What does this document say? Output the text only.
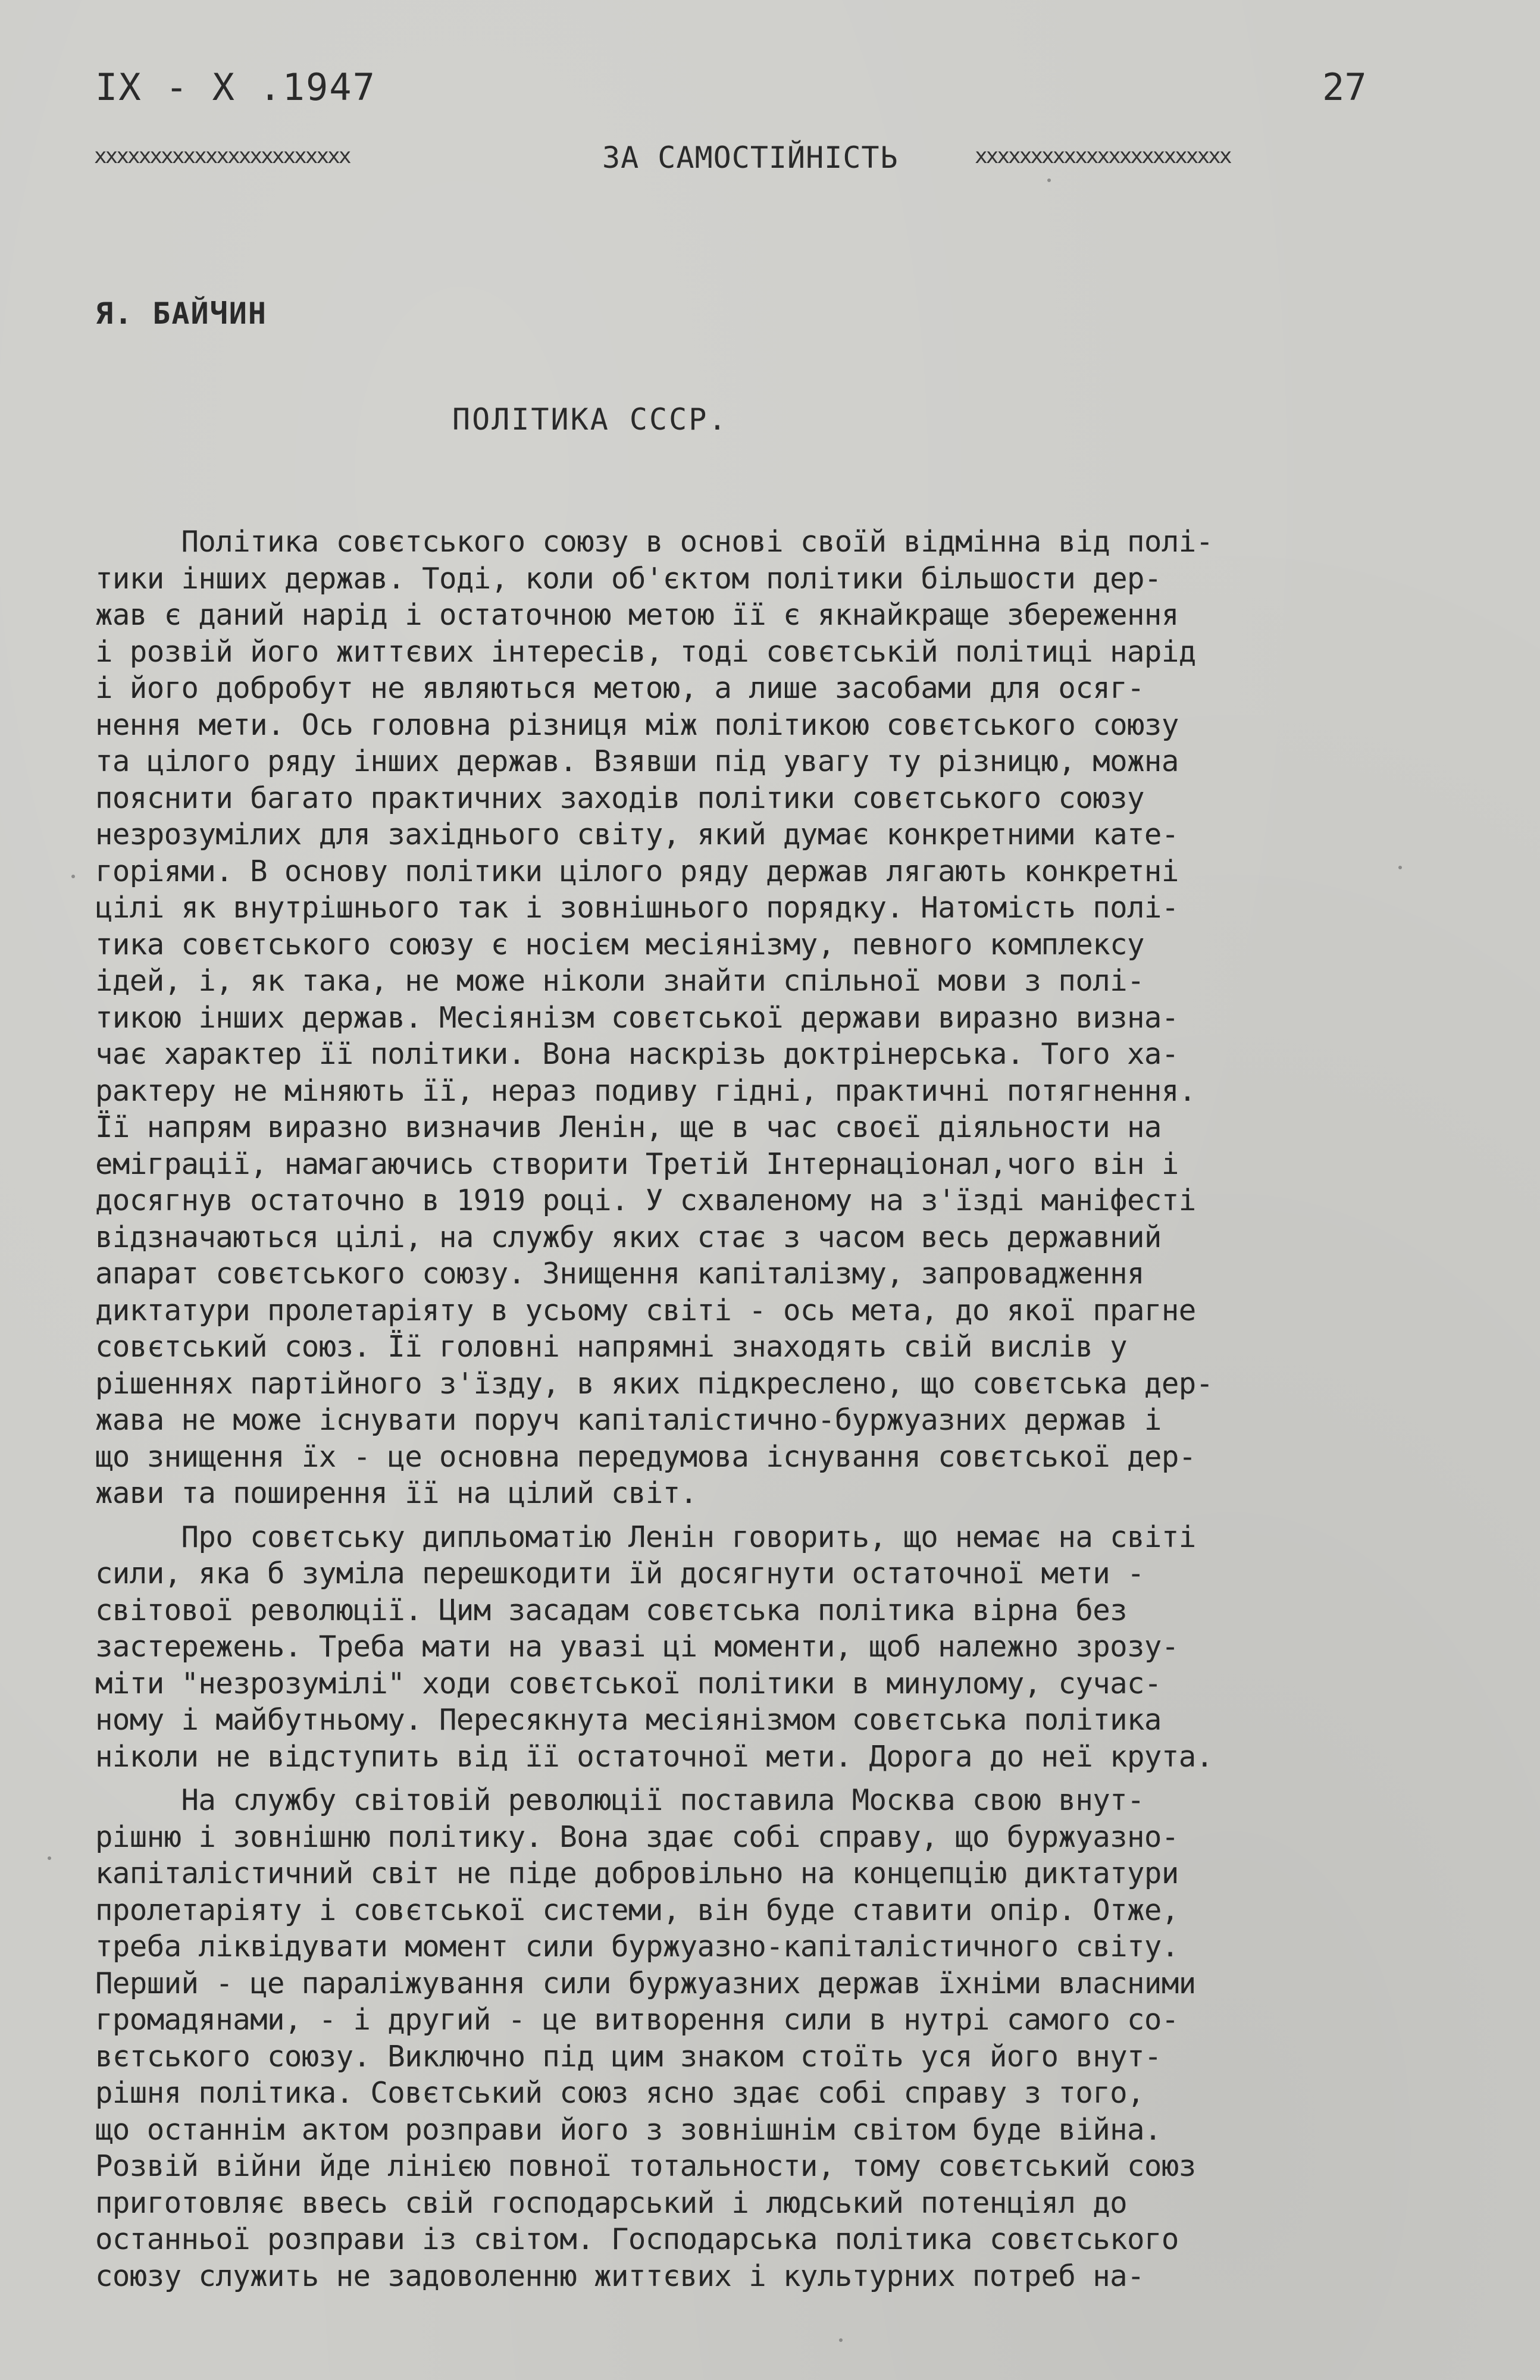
IX - X .1947	27
xxxxxxxxxxxxxxxxxxxxxxx	ЗА САМОСТІЙНІСТЬ	xxxxxxxxxxxxxxxxxxxxxxx
Я. БАЙЧИН
ПОЛІТИКА СССР.
Політика совєтського союзу в основі своїй відмінна від полі-
тики інших держав. Тоді, коли об'єктом політики більшости дер-
жав є даний нарід і остаточною метою її є якнайкраще збереження
і розвій його життєвих інтересів, тоді совєтській політиці нарід
і його добробут не являються метою, а лише засобами для осяг-
нення мети. Ось головна різниця між політикою совєтського союзу
та цілого ряду інших держав. Взявши під увагу ту різницю, можна
пояснити багато практичних заходів політики совєтського союзу
незрозумілих для західнього світу, який думає конкретними кате-
горіями. В основу політики цілого ряду держав лягають конкретні
цілі як внутрішнього так і зовнішнього порядку. Натомість полі-
тика совєтського союзу є носієм месіянізму, певного комплексу
ідей, і, як така, не може ніколи знайти спільної мови з полі-
тикою інших держав. Месіянізм совєтської держави виразно визна-
чає характер її політики. Вона наскрізь доктрінерська. Того ха-
рактеру не міняють її, нераз подиву гідні, практичні потягнення.
Її напрям виразно визначив Ленін, ще в час своєї діяльности на
еміграції, намагаючись створити Третій Інтернаціонал,чого він і
досягнув остаточно в 1919 році. У схваленому на з'їзді маніфесті
відзначаються цілі, на службу яких стає з часом весь державний
апарат совєтського союзу. Знищення капіталізму, запровадження
диктатури пролетаріяту в усьому світі - ось мета, до якої прагне
совєтський союз. Її головні напрямні знаходять свій вислів у
рішеннях партійного з'їзду, в яких підкреслено, що совєтська дер-
жава не може існувати поруч капіталістично-буржуазних держав і
що знищення їх - це основна передумова існування совєтської дер-
жави та поширення її на цілий світ.
Про совєтську дипльоматію Ленін говорить, що немає на світі
сили, яка б зуміла перешкодити їй досягнути остаточної мети -
світової революції. Цим засадам совєтська політика вірна без
застережень. Треба мати на увазі ці моменти, щоб належно зрозу-
міти "незрозумілі" ходи совєтської політики в минулому, сучас-
ному і майбутньому. Пересякнута месіянізмом совєтська політика
ніколи не відступить від її остаточної мети. Дорога до неї крута.
На службу світовій революції поставила Москва свою внут-
рішню і зовнішню політику. Вона здає собі справу, що буржуазно-
капіталістичний світ не піде добровільно на концепцію диктатури
пролетаріяту і совєтської системи, він буде ставити опір. Отже,
треба ліквідувати момент сили буржуазно-капіталістичного світу.
Перший - це параліжування сили буржуазних держав їхніми власними
громадянами, - і другий - це витворення сили в нутрі самого со-
вєтського союзу. Виключно під цим знаком стоїть уся його внут-
рішня політика. Совєтський союз ясно здає собі справу з того,
що останнім актом розправи його з зовнішнім світом буде війна.
Розвій війни йде лінією повної тотальности, тому совєтський союз
приготовляє ввесь свій господарський і людський потенціял до
останньої розправи із світом. Господарська політика совєтського
союзу служить не задоволенню життєвих і культурних потреб на-
